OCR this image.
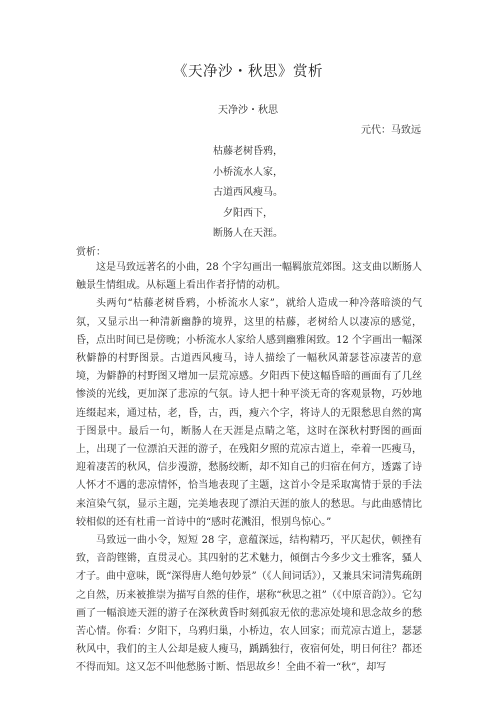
《天净沙・秋思》赏析
天净沙・秋思
元代：马致远
枯藤老树昏鸦，
小桥流水人家，
古道西风瘦马。
夕阳西下，
断肠人在天涯。
赏析：

这是马致远著名的小曲，28 个字勾画出一幅羁旅荒郊图。这支曲以断肠人触景生情组成。从标题上看出作者抒情的动机。

头两句“枯藤老树昏鸦，小桥流水人家”，就给人造成一种冷落暗淡的气氛，又显示出一种清新幽静的境界，这里的枯藤，老树给人以凄凉的感觉，昏，点出时间已是傍晚；小桥流水人家给人感到幽雅闲致。12 个字画出一幅深秋僻静的村野图景。古道西风瘦马，诗人描绘了一幅秋风萧瑟苍凉凄苦的意境，为僻静的村野图又增加一层荒凉感。夕阳西下使这幅昏暗的画面有了几丝惨淡的光线，更加深了悲凉的气氛。诗人把十种平淡无奇的客观景物，巧妙地连缀起来，通过枯，老，昏，古，西，瘦六个字，将诗人的无限愁思自然的寓于图景中。最后一句，断肠人在天涯是点睛之笔，这时在深秋村野图的画面上，出现了一位漂泊天涯的游子，在残阳夕照的荒凉古道上，牵着一匹瘦马，迎着凄苦的秋风，信步漫游，愁肠绞断，却不知自己的归宿在何方，透露了诗人怀才不遇的悲凉情怀，恰当地表现了主题，这首小令是采取寓情于景的手法来渲染气氛，显示主题，完美地表现了漂泊天涯的旅人的愁思。与此曲感情比较相似的还有杜甫一首诗中的“感时花溅泪，恨别鸟惊心。”

马致远一曲小令，短短 28 字，意蕴深远，结构精巧，平仄起伏，顿挫有致，音韵铿锵，直贯灵心。其四射的艺术魅力，倾倒古今多少文士雅客，骚人才子。曲中意味，既“深得唐人绝句妙景”（《人间词话》），又兼具宋词清隽疏朗之自然，历来被推崇为描写自然的佳作，堪称“秋思之祖”（《中原音韵》）。它勾画了一幅浪迹天涯的游子在深秋黄昏时刻孤寂无依的悲凉处境和思念故乡的愁苦心情。你看：夕阳下，乌鸦归巢，小桥边，农人回家；而荒凉古道上，瑟瑟秋风中，我们的主人公却是疲人瘦马，踽踽独行，夜宿何处，明日何往？都还不得而知。这又怎不叫他愁肠寸断、悟思故乡！全曲不着一“秋”，却写
